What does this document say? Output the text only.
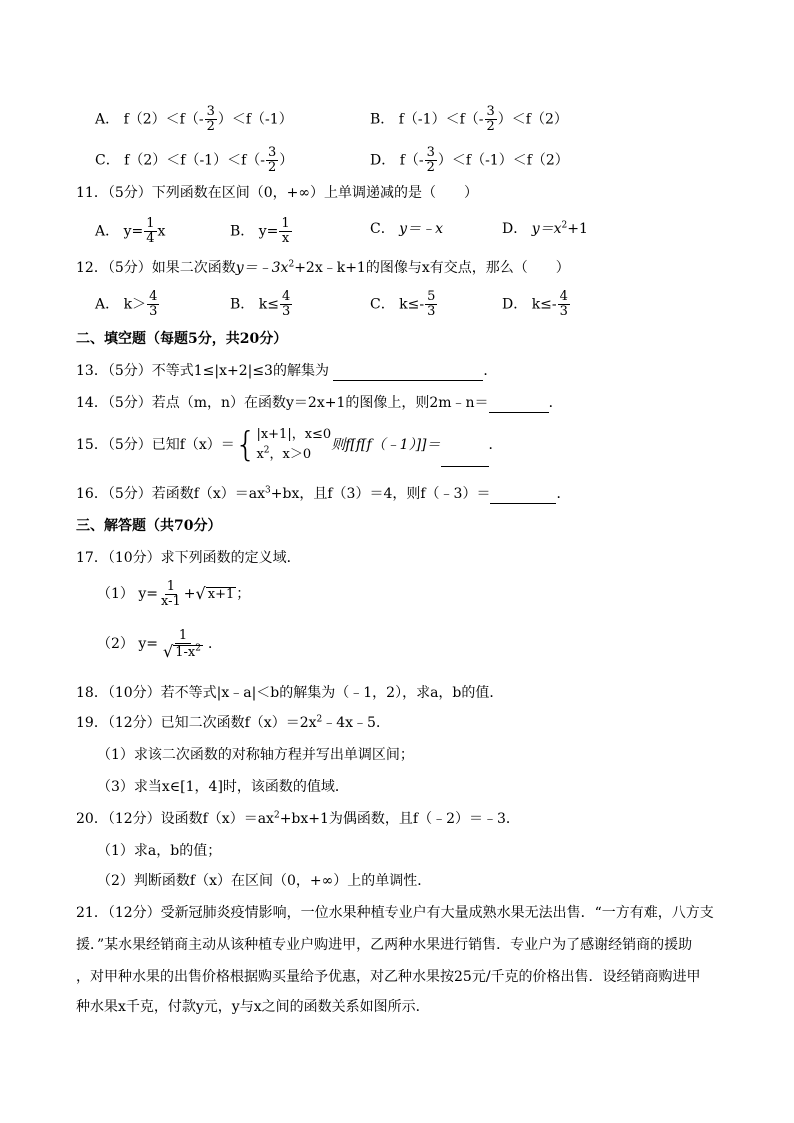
A． $f(2)<f(- \frac{3}{2} )<f(-1)$	B． $f(-1)<f(- \frac{3}{2} )<f(2)$
C． $f(2)<f(-1)<f(- \frac{3}{2}$ ）	D． $f(- \frac{3}{2} )<f(-1)<f(2)$
11．（5分）下列函数在区间（0，+∞）上单调递减的是（　　）
A． $y= \frac{1}{4}$ x	B． $y= \frac{1}{x}$	C． y＝﹣x	D． $y=x^2+1$
12．（5分）如果二次函数$y=﹣3x^2+2x﹣k+1$的图像与x有交点，那么（　　）
A． $k> \frac{4}{3}$	B． $k\le \frac{4}{3}$	C． $k\le- \frac{5}{3}$	D． $k\le- \frac{4}{3}$
二、填空题（每题5分，共20分）
13．（5分）不等式1≤|x+2|≤3的解集为	．
14．（5分）若点（m，n）在函数y＝2x+1的图像上，则2m﹣n＝	．
15．（5分）已知f（x）＝ { |x+1|，x≤0
$x^2$，x＞0
则f[f[f（﹣1）]]＝	．
16．（5分）若函数$f(x)=ax^3+bx$，且f（3）＝4，则f（﹣3）＝	．
三、解答题（共70分）
17．（10分）求下列函数的定义域．
（1） $y= \frac{1}{x-1}$ + √ x+1 ；
（2） $y= \frac{1}{√ 1-x^2}$ ．
18．（10分）若不等式|x﹣a|＜b的解集为（﹣1，2），求a，b的值．
19．（12分）已知二次函数$f(x)=2x^2﹣4x﹣5$．
（1）求该二次函数的对称轴方程并写出单调区间；
（3）求当x∈[1，4]时，该函数的值域．
20．（12分）设函数$f(x)=ax^2+bx+1$为偶函数，且f（﹣2）＝﹣3．
（1）求a，b的值；
（2）判断函数f（x）在区间（0，+∞）上的单调性．
21．（12分）受新冠肺炎疫情影响，一位水果种植专业户有大量成熟水果无法出售．“一方有难，八方支
援．”某水果经销商主动从该种植专业户购进甲，乙两种水果进行销售．专业户为了感谢经销商的援助
，对甲种水果的出售价格根据购买量给予优惠，对乙种水果按25元/千克的价格出售．设经销商购进甲
种水果x千克，付款y元，y与x之间的函数关系如图所示．
